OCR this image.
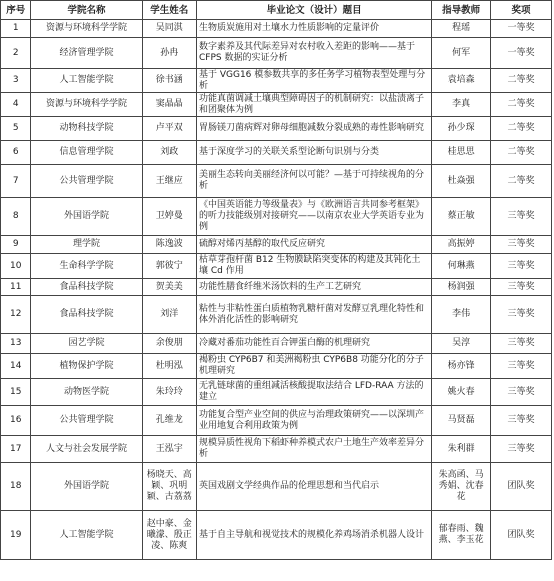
序号	学院名称	学生姓名	毕业论文（设计）题目	指导教师	奖项
1	资源与环境科学学院	吴同淇	生物质炭施用对土壤水力性质影响的定量评价	程瑶	一等奖
2	经济管理学院	孙冉	数字素养及其代际差异对农村收入差距的影响——基于 CFPS 数据的实证分析	何军	一等奖
3	人工智能学院	徐书涵	基于 VGG16 模参数共享的多任务学习植物表型处理与分析	袁培森	二等奖
4	资源与环境科学学院	窦晶晶	功能真菌调减土壤典型障碍因子的机制研究：以盐渍离子和团聚体为例	李真	二等奖
5	动物科技学院	卢平双	胃肠镁刀菌病辉对卵母细胞减数分裂成熟的毒性影响研究	孙少琛	二等奖
6	信息管理学院	刘政	基于深度学习的关联关系型论断句识别与分类	桂思思	二等奖
7	公共管理学院	王继应	美丽生态转向美丽经济何以可能？—基于可持续视角的分析	杜焱强	二等奖
8	外国语学院	卫婷曼	《中国英语能力等级量表》与《欧洲语言共同参考框架》的听力技能级别对接研究——以南京农业大学英语专业为例	蔡正敏	三等奖
9	理学院	陈逸波	硫醇对烯丙基醇的取代反应研究	高振婷	三等奖
10	生命科学学院	郭彼宁	枯草芽孢杆菌 B12 生物膜缺陷突变体的构建及其钝化土壤 Cd 作用	何琳燕	三等奖
11	食品科技学院	贺美美	功能性膳食纤维米汤饮料的生产工艺研究	杨润强	三等奖
12	食品科技学院	刘洋	粘性与非粘性蛋白质植物乳糖杆菌对发酵豆乳理化特性和体外消化活性的影响研究	李伟	三等奖
13	园艺学院	余俊朋	冷藏对番茄功能性百合钾蛋白酶的机理研究	吴淳	三等奖
14	植物保护学院	杜明泓	褐粉虫 CYP6B7 和美洲褐粉虫 CYP6B8 功能分化的分子机理研究	杨亦锋	三等奖
15	动物医学院	朱玲玲	无乳链球菌的重组减活核酸提取法结合 LFD-RAA 方法的建立	姚火春	三等奖
16	公共管理学院	孔维龙	功能复合型产业空间的供应与治理政策研究——以深圳产业用地复合利用政策为例	马贤磊	三等奖
17	人文与社会发展学院	王泓宇	规模异质性视角下稻虾种养模式农户土地生产效率差异分析	朱利群	三等奖
18	外国语学院	杨晓天、高颖、巩明颖、古荔荔	英国戏剧文学经典作品的伦理思想和当代启示	朱高函、马秀娟、沈春花	团队奖
19	人工智能学院	赵中豪、金曦濛、殷正凌、陈爽	基于自主导航和视觉技术的规模化养鸡场消杀机器人设计	郁春雨、魏燕、李玉花	团队奖
